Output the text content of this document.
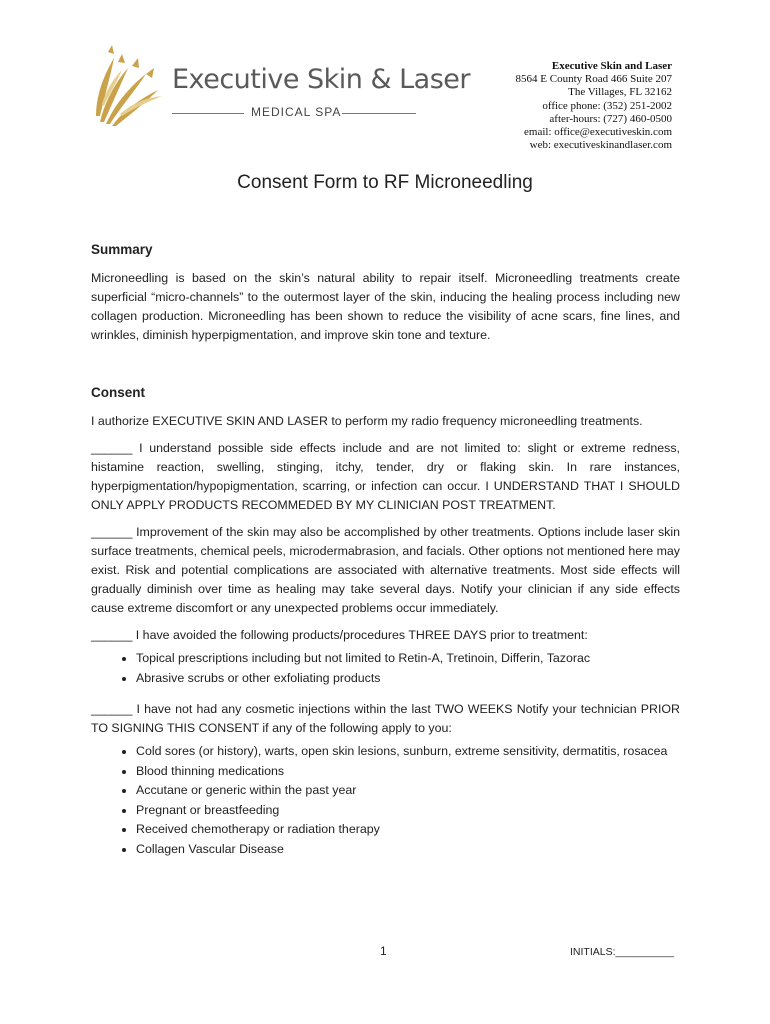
Executive Skin & Laser
MEDICAL SPA
Executive Skin and Laser
8564 E County Road 466 Suite 207
The Villages, FL 32162
office phone: (352) 251-2002
after-hours: (727) 460-0500
email: office@executiveskin.com
web: executiveskinandlaser.com
Consent Form to RF Microneedling
Summary

Microneedling is based on the skin’s natural ability to repair itself. Microneedling treatments create superficial “micro-channels” to the outermost layer of the skin, inducing the healing process including new collagen production. Microneedling has been shown to reduce the visibility of acne scars, fine lines, and wrinkles, diminish hyperpigmentation, and improve skin tone and texture.

Consent

I authorize EXECUTIVE SKIN AND LASER to perform my radio frequency microneedling treatments.

______ I understand possible side effects include and are not limited to: slight or extreme redness, histamine reaction, swelling, stinging, itchy, tender, dry or flaking skin. In rare instances, hyperpigmentation/hypopigmentation, scarring, or infection can occur. I UNDERSTAND THAT I SHOULD ONLY APPLY PRODUCTS RECOMMEDED BY MY CLINICIAN POST TREATMENT.

______ Improvement of the skin may also be accomplished by other treatments. Options include laser skin surface treatments, chemical peels, microdermabrasion, and facials. Other options not mentioned here may exist. Risk and potential complications are associated with alternative treatments. Most side effects will gradually diminish over time as healing may take several days. Notify your clinician if any side effects cause extreme discomfort or any unexpected problems occur immediately.

______ I have avoided the following products/procedures THREE DAYS prior to treatment:

• Topical prescriptions including but not limited to Retin-A, Tretinoin, Differin, Tazorac
• Abrasive scrubs or other exfoliating products

______ I have not had any cosmetic injections within the last TWO WEEKS Notify your technician PRIOR TO SIGNING THIS CONSENT if any of the following apply to you:

• Cold sores (or history), warts, open skin lesions, sunburn, extreme sensitivity, dermatitis, rosacea
• Blood thinning medications
• Accutane or generic within the past year
• Pregnant or breastfeeding
• Received chemotherapy or radiation therapy
• Collagen Vascular Disease
1	INITIALS:__________
